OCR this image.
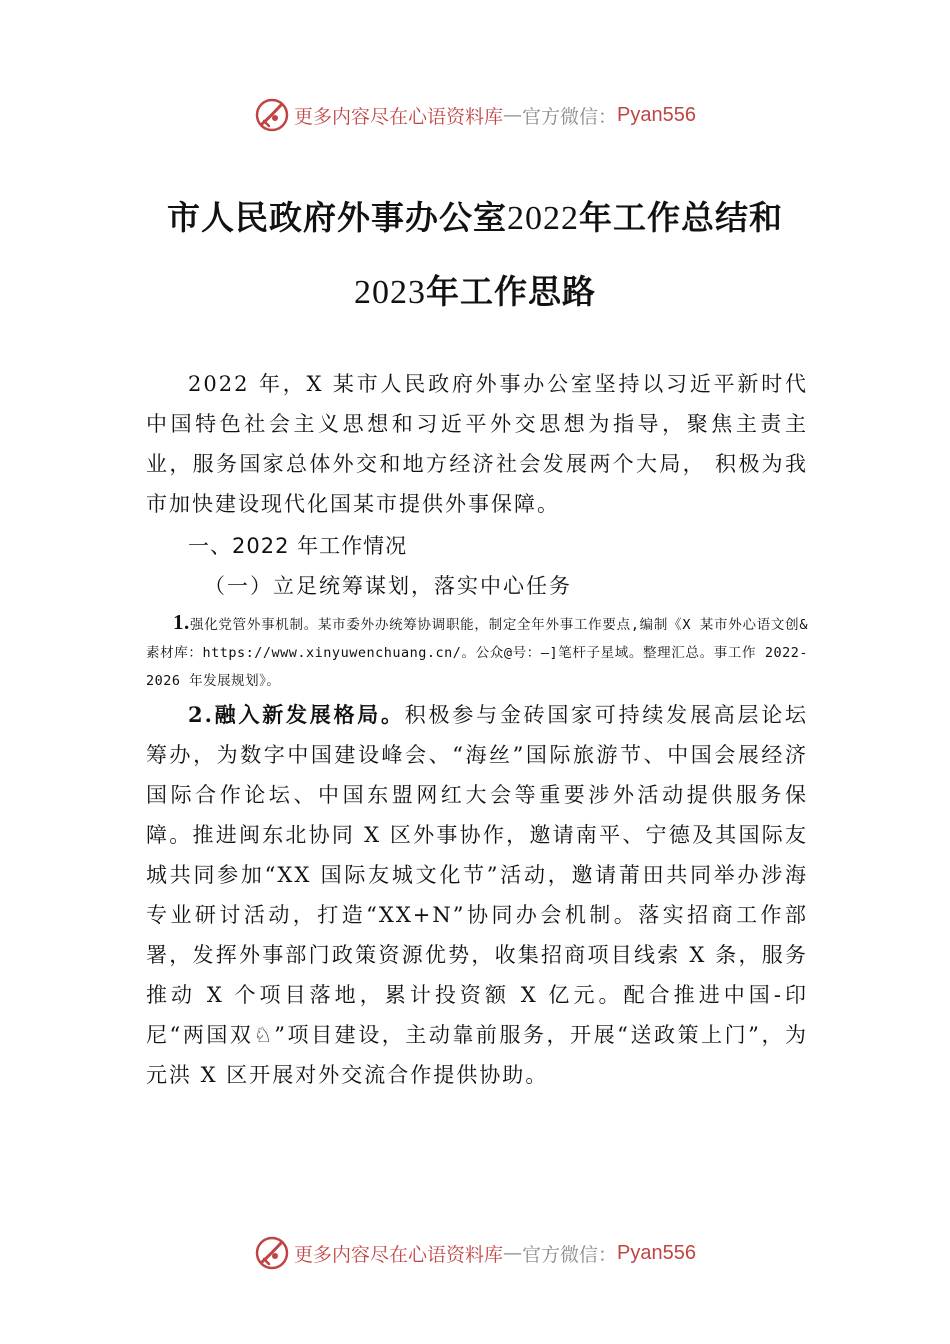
更多内容尽在心语资料库 — 官方微信： Pyan556
市人民政府外事办公室2022年工作总结和
2023年工作思路

2022 年，X 某市人民政府外事办公室坚持以习近平新时代中国特色社会主义思想和习近平外交思想为指导，聚焦主责主业，服务国家总体外交和地方经济社会发展两个大局， 积极为我市加快建设现代化国某市提供外事保障。

一、2022 年工作情况

（一）立足统筹谋划，落实中心任务

1.强化党管外事机制。某市委外办统筹协调职能，制定全年外事工作要点,编制《X 某市外心语文创&素材库：https://www.xinyuwenchuang.cn/。公众@号：—]笔杆子星域。整理汇总。事工作 2022-2026 年发展规划》。

2.融入新发展格局。积极参与金砖国家可持续发展高层论坛筹办，为数字中国建设峰会、“海丝”国际旅游节、中国会展经济国际合作论坛、中国东盟网红大会等重要涉外活动提供服务保障。推进闽东北协同 X 区外事协作，邀请南平、宁德及其国际友城共同参加“XX 国际友城文化节”活动，邀请莆田共同举办涉海专业研讨活动，打造“XX+N”协同办会机制。落实招商工作部署，发挥外事部门政策资源优势，收集招商项目线索 X 条，服务推动 X 个项目落地，累计投资额 X 亿元。配合推进中国-印尼“两国双♘”项目建设，主动靠前服务，开展“送政策上门”，为元洪 X 区开展对外交流合作提供协助。

更多内容尽在心语资料库 — 官方微信： Pyan556
